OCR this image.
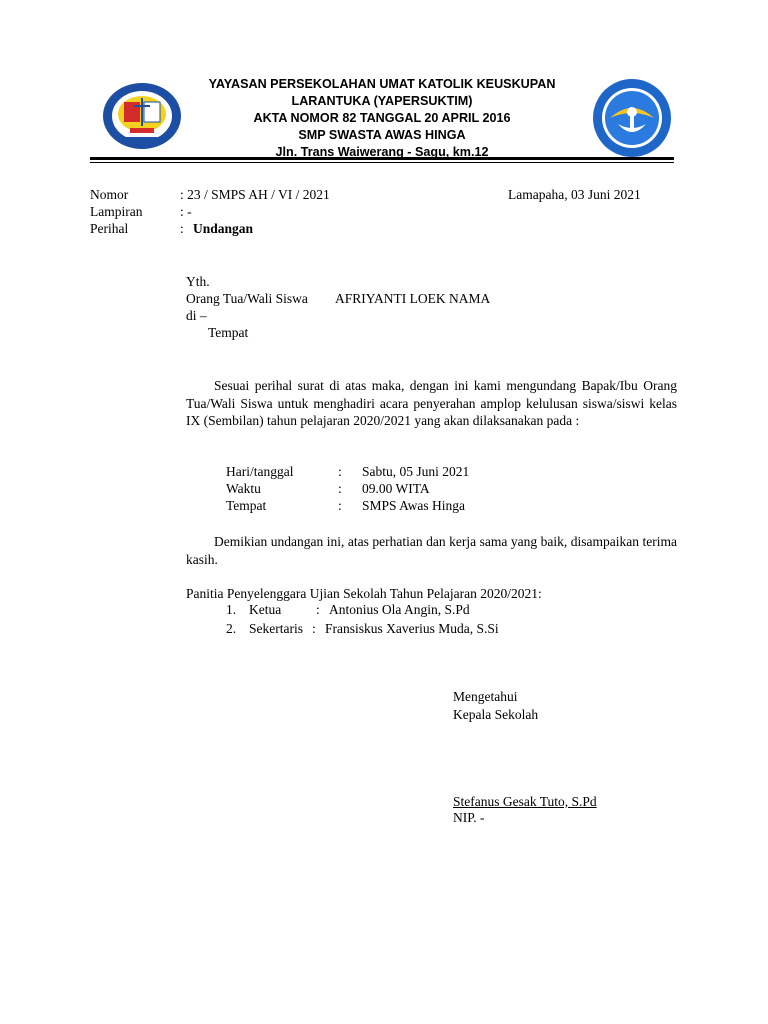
YAYASAN PERSEKOLAHAN UMAT KATOLIK KEUSKUPAN
LARANTUKA (YAPERSUKTIM)
AKTA NOMOR 82 TANGGAL 20 APRIL 2016
SMP SWASTA AWAS HINGA
Jln. Trans Waiwerang - Sagu, km.12
Nomor	: 23 / SMPS AH / VI / 2021	Lamapaha, 03 Juni 2021
Lampiran	: -
Perihal	: Undangan
Yth.
Orang Tua/Wali Siswa AFRIYANTI LOEK NAMA
di –
Tempat
Sesuai perihal surat di atas maka, dengan ini kami mengundang Bapak/Ibu Orang Tua/Wali Siswa untuk menghadiri acara penyerahan amplop kelulusan siswa/siswi kelas IX (Sembilan) tahun pelajaran 2020/2021 yang akan dilaksanakan pada :
Hari/tanggal	: Sabtu, 05 Juni 2021
Waktu	: 09.00 WITA
Tempat	: SMPS Awas Hinga
Demikian undangan ini, atas perhatian dan kerja sama yang baik, disampaikan terima kasih.
Panitia Penyelenggara Ujian Sekolah Tahun Pelajaran 2020/2021:
1. Ketua	: Antonius Ola Angin, S.Pd
2. Sekertaris : Fransiskus Xaverius Muda, S.Si
Mengetahui
Kepala Sekolah
Stefanus Gesak Tuto, S.Pd
NIP. -
